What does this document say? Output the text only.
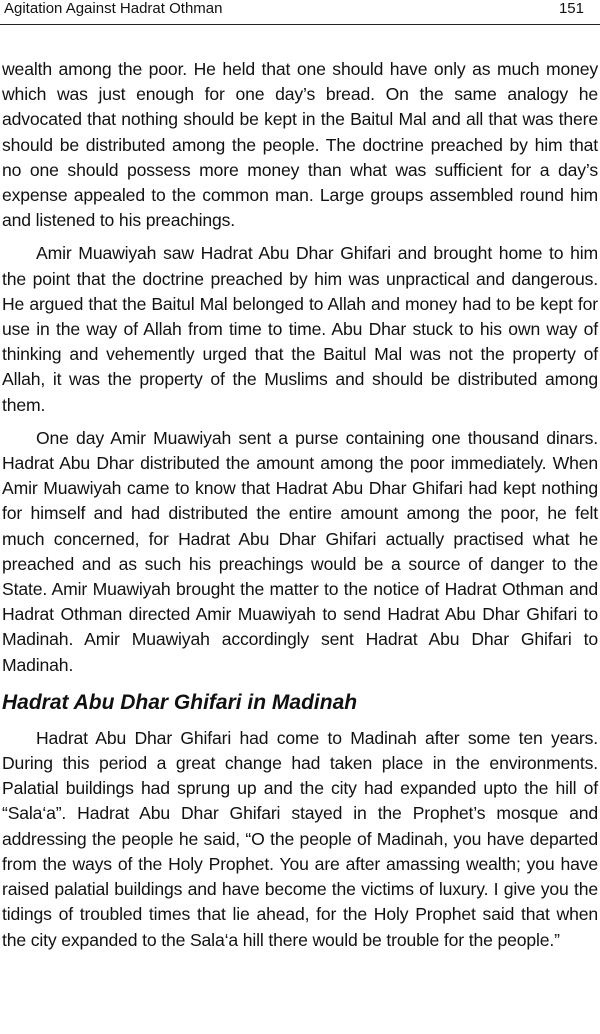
Agitation Against Hadrat Othman	151

wealth among the poor. He held that one should have only as much money which was just enough for one day’s bread. On the same analogy he advocated that nothing should be kept in the Baitul Mal and all that was there should be distributed among the people. The doctrine preached by him that no one should possess more money than what was sufficient for a day’s expense appealed to the common man. Large groups assembled round him and listened to his preachings.

Amir Muawiyah saw Hadrat Abu Dhar Ghifari and brought home to him the point that the doctrine preached by him was unpractical and dangerous. He argued that the Baitul Mal belonged to Allah and money had to be kept for use in the way of Allah from time to time. Abu Dhar stuck to his own way of thinking and vehemently urged that the Baitul Mal was not the property of Allah, it was the property of the Muslims and should be distributed among them.

One day Amir Muawiyah sent a purse containing one thousand dinars. Hadrat Abu Dhar distributed the amount among the poor immediately. When Amir Muawiyah came to know that Hadrat Abu Dhar Ghifari had kept nothing for himself and had distributed the entire amount among the poor, he felt much concerned, for Hadrat Abu Dhar Ghifari actually practised what he preached and as such his preachings would be a source of danger to the State. Amir Muawiyah brought the matter to the notice of Hadrat Othman and Hadrat Othman directed Amir Muawiyah to send Hadrat Abu Dhar Ghifari to Madinah. Amir Muawiyah accordingly sent Hadrat Abu Dhar Ghifari to Madinah.

Hadrat Abu Dhar Ghifari in Madinah

Hadrat Abu Dhar Ghifari had come to Madinah after some ten years. During this period a great change had taken place in the environments. Palatial buildings had sprung up and the city had expanded upto the hill of “Sala‘a”. Hadrat Abu Dhar Ghifari stayed in the Prophet’s mosque and addressing the people he said, “O the people of Madinah, you have departed from the ways of the Holy Prophet. You are after amassing wealth; you have raised palatial buildings and have become the victims of luxury. I give you the tidings of troubled times that lie ahead, for the Holy Prophet said that when the city expanded to the Sala‘a hill there would be trouble for the people.”
